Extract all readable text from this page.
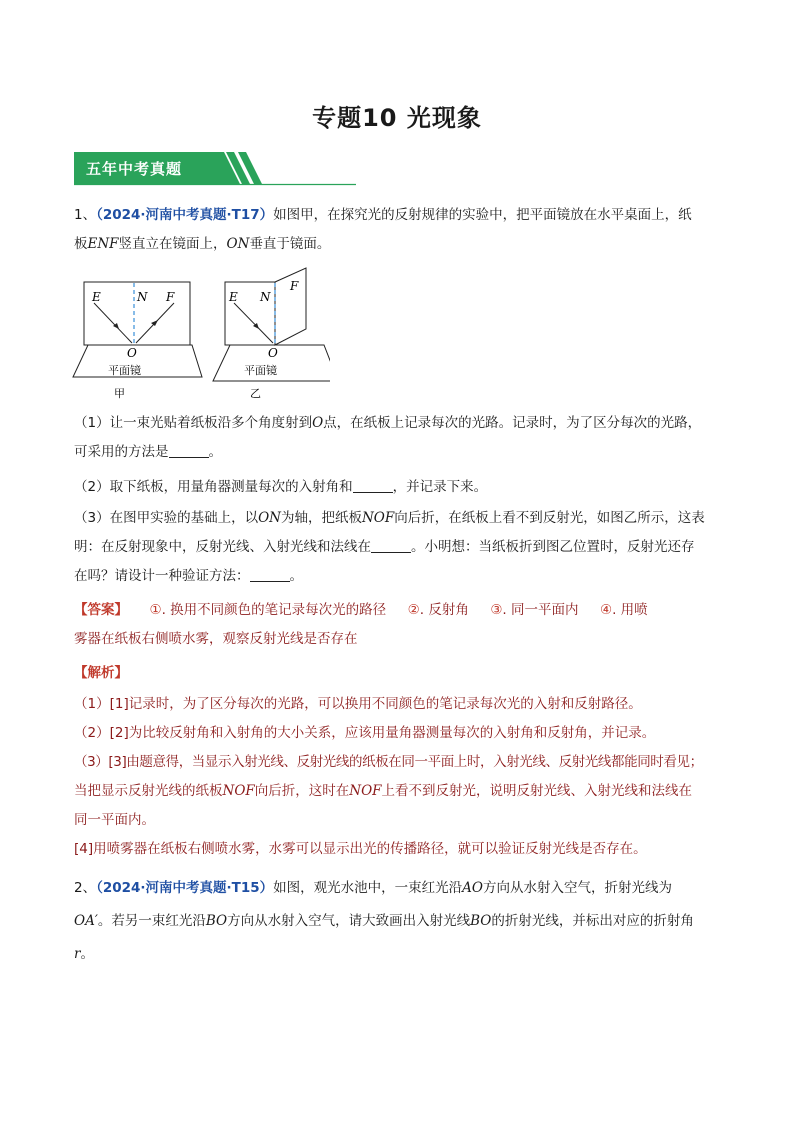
专题10 光现象
五年中考真题
1、（2024·河南中考真题·T17）如图甲，在探究光的反射规律的实验中，把平面镜放在水平桌面上，纸
板ENF竖直立在镜面上，ON垂直于镜面。
E	N F
O
平面镜
甲
E N
F
O
平面镜
乙
（1）让一束光贴着纸板沿多个角度射到O点，在纸板上记录每次的光路。记录时，为了区分每次的光路，
可采用的方法是	。
（2）取下纸板，用量角器测量每次的入射角和	，并记录下来。
（3）在图甲实验的基础上，以ON为轴，把纸板NOF向后折，在纸板上看不到反射光，如图乙所示，这表
明：在反射现象中，反射光线、入射光线和法线在	。小明想：当纸板折到图乙位置时，反射光还存
在吗？请设计一种验证方法：	。
【答案】 ①. 换用不同颜色的笔记录每次光的路径 ②. 反射角 ③. 同一平面内 ④. 用喷
雾器在纸板右侧喷水雾，观察反射光线是否存在
【解析】
（1）[1]记录时，为了区分每次的光路，可以换用不同颜色的笔记录每次光的入射和反射路径。
（2）[2]为比较反射角和入射角的大小关系，应该用量角器测量每次的入射角和反射角，并记录。
（3）[3]由题意得，当显示入射光线、反射光线的纸板在同一平面上时，入射光线、反射光线都能同时看见；
当把显示反射光线的纸板NOF向后折，这时在NOF上看不到反射光，说明反射光线、入射光线和法线在
同一平面内。
[4]用喷雾器在纸板右侧喷水雾，水雾可以显示出光的传播路径，就可以验证反射光线是否存在。
2、（2024·河南中考真题·T15）如图，观光水池中，一束红光沿AO方向从水射入空气，折射光线为
OA′。若另一束红光沿BO方向从水射入空气，请大致画出入射光线BO的折射光线，并标出对应的折射角
r。
